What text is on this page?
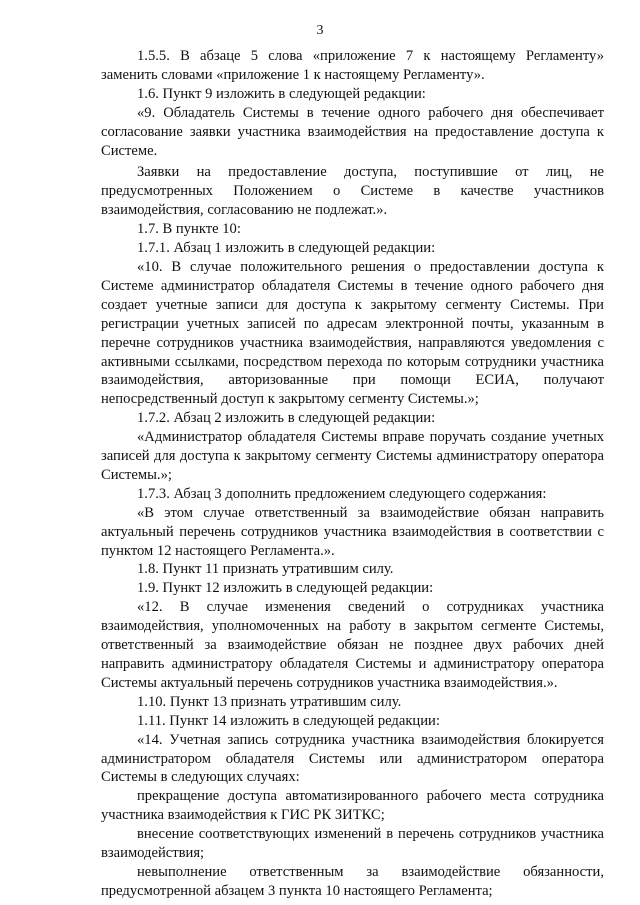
3

1.5.5. В абзаце 5 слова «приложение 7 к настоящему Регламенту» заменить словами «приложение 1 к настоящему Регламенту».

1.6. Пункт 9 изложить в следующей редакции:

«9. Обладатель Системы в течение одного рабочего дня обеспечивает согласование заявки участника взаимодействия на предоставление доступа к Системе.

Заявки на предоставление доступа, поступившие от лиц, не предусмотренных Положением о Системе в качестве участников взаимодействия, согласованию не подлежат.».

1.7. В пункте 10:

1.7.1. Абзац 1 изложить в следующей редакции:

«10. В случае положительного решения о предоставлении доступа к Системе администратор обладателя Системы в течение одного рабочего дня создает учетные записи для доступа к закрытому сегменту Системы. При регистрации учетных записей по адресам электронной почты, указанным в перечне сотрудников участника взаимодействия, направляются уведомления с активными ссылками, посредством перехода по которым сотрудники участника взаимодействия, авторизованные при помощи ЕСИА, получают непосредственный доступ к закрытому сегменту Системы.»;

1.7.2. Абзац 2 изложить в следующей редакции:

«Администратор обладателя Системы вправе поручать создание учетных записей для доступа к закрытому сегменту Системы администратору оператора Системы.»;

1.7.3. Абзац 3 дополнить предложением следующего содержания:

«В этом случае ответственный за взаимодействие обязан направить актуальный перечень сотрудников участника взаимодействия в соответствии с пунктом 12 настоящего Регламента.».

1.8. Пункт 11 признать утратившим силу.

1.9. Пункт 12 изложить в следующей редакции:

«12. В случае изменения сведений о сотрудниках участника взаимодействия, уполномоченных на работу в закрытом сегменте Системы, ответственный за взаимодействие обязан не позднее двух рабочих дней направить администратору обладателя Системы и администратору оператора Системы актуальный перечень сотрудников участника взаимодействия.».

1.10. Пункт 13 признать утратившим силу.

1.11. Пункт 14 изложить в следующей редакции:

«14. Учетная запись сотрудника участника взаимодействия блокируется администратором обладателя Системы или администратором оператора Системы в следующих случаях:

прекращение доступа автоматизированного рабочего места сотрудника участника взаимодействия к ГИС РК ЗИТКС;

внесение соответствующих изменений в перечень сотрудников участника взаимодействия;

невыполнение ответственным за взаимодействие обязанности, предусмотренной абзацем 3 пункта 10 настоящего Регламента;
